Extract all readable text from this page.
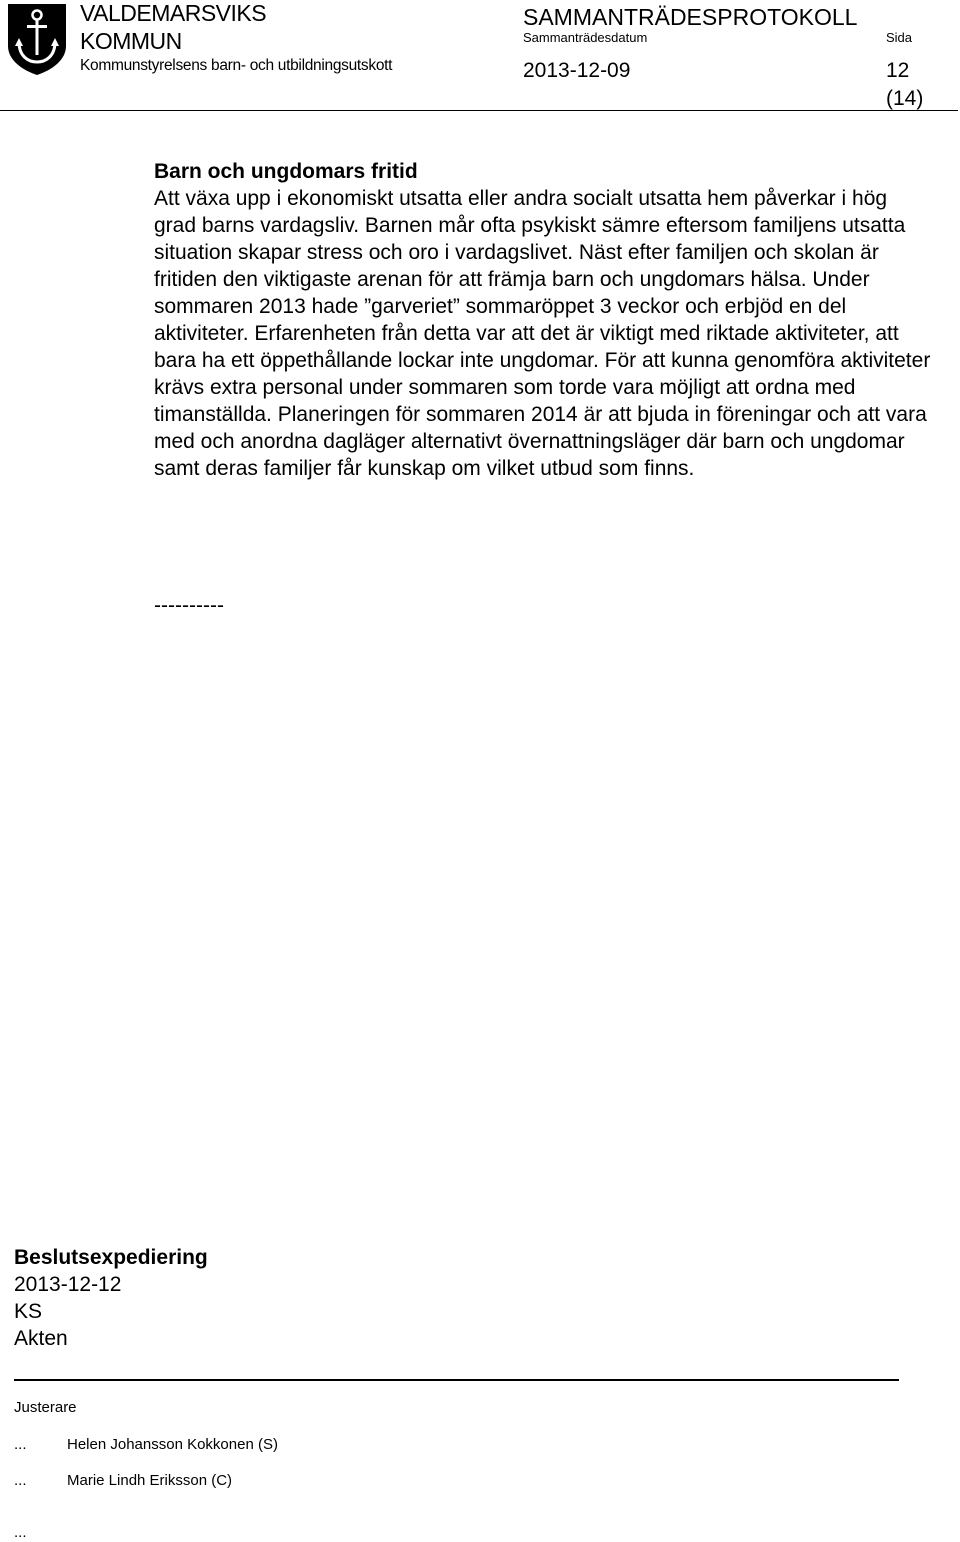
VALDEMARSVIKS
KOMMUN
Kommunstyrelsens barn- och utbildningsutskott
SAMMANTRÄDESPROTOKOLL
Sammanträdesdatum	Sida
2013-12-09	12
(14)

Barn och ungdomars fritid

Att växa upp i ekonomiskt utsatta eller andra socialt utsatta hem påverkar i hög grad barns vardagsliv. Barnen mår ofta psykiskt sämre eftersom familjens utsatta situation skapar stress och oro i vardagslivet. Näst efter familjen och skolan är fritiden den viktigaste arenan för att främja barn och ungdomars hälsa. Under sommaren 2013 hade ”garveriet” sommaröppet 3 veckor och erbjöd en del aktiviteter. Erfarenheten från detta var att det är viktigt med riktade aktiviteter, att bara ha ett öppethållande lockar inte ungdomar. För att kunna genomföra aktiviteter krävs extra personal under sommaren som torde vara möjligt att ordna med timanställda. Planeringen för sommaren 2014 är att bjuda in föreningar och att vara med och anordna dagläger alternativt övernattningsläger där barn och ungdomar samt deras familjer får kunskap om vilket utbud som finns.

----------
Beslutsexpediering
2013-12-12
KS
Akten
Justerare
...	Helen Johansson Kokkonen (S)
...	Marie Lindh Eriksson (C)
...
